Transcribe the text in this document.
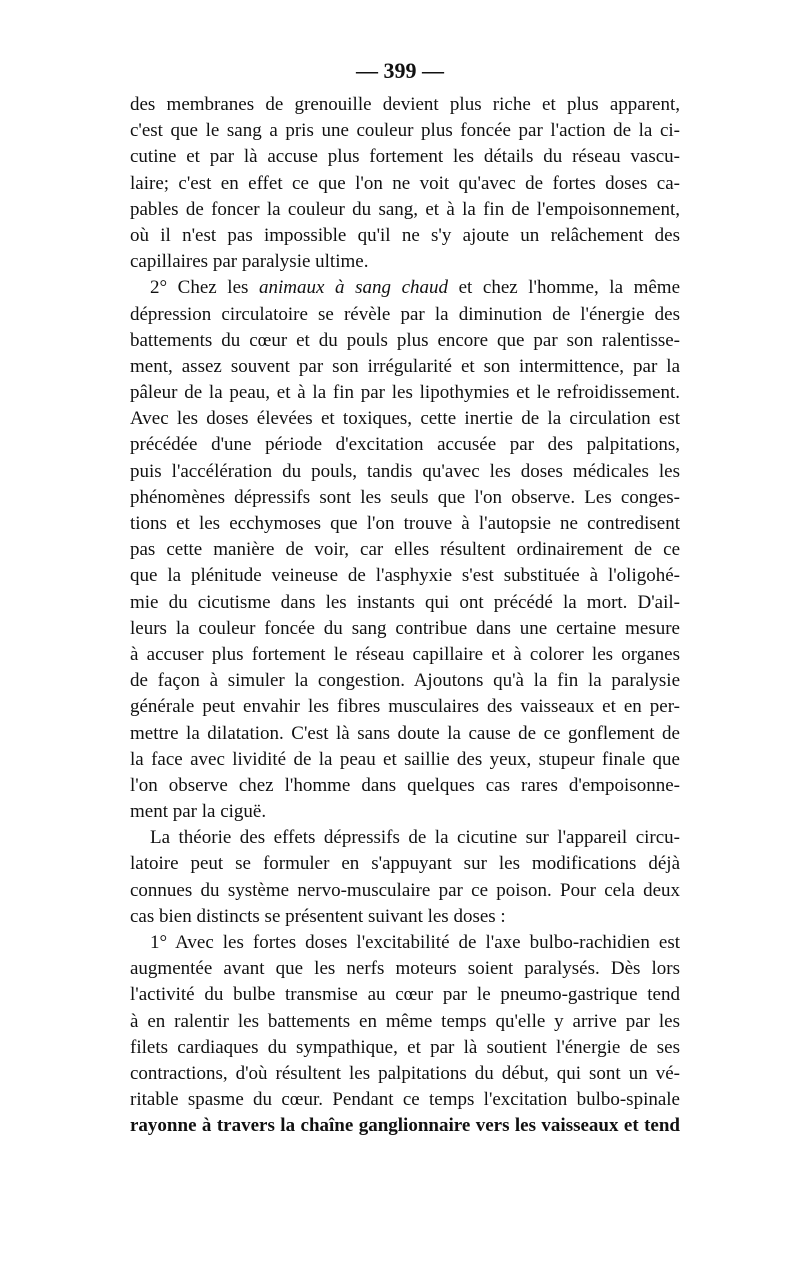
— 399 —
des membranes de grenouille devient plus riche et plus apparent,
c'est que le sang a pris une couleur plus foncée par l'action de la ci-
cutine et par là accuse plus fortement les détails du réseau vascu-
laire; c'est en effet ce que l'on ne voit qu'avec de fortes doses ca-
pables de foncer la couleur du sang, et à la fin de l'empoisonnement,
où il n'est pas impossible qu'il ne s'y ajoute un relâchement des
capillaires par paralysie ultime.
2° Chez les animaux à sang chaud et chez l'homme, la même
dépression circulatoire se révèle par la diminution de l'énergie des
battements du cœur et du pouls plus encore que par son ralentisse-
ment, assez souvent par son irrégularité et son intermittence, par la
pâleur de la peau, et à la fin par les lipothymies et le refroidissement.
Avec les doses élevées et toxiques, cette inertie de la circulation est
précédée d'une période d'excitation accusée par des palpitations,
puis l'accélération du pouls, tandis qu'avec les doses médicales les
phénomènes dépressifs sont les seuls que l'on observe. Les conges-
tions et les ecchymoses que l'on trouve à l'autopsie ne contredisent
pas cette manière de voir, car elles résultent ordinairement de ce
que la plénitude veineuse de l'asphyxie s'est substituée à l'oligohé-
mie du cicutisme dans les instants qui ont précédé la mort. D'ail-
leurs la couleur foncée du sang contribue dans une certaine mesure
à accuser plus fortement le réseau capillaire et à colorer les organes
de façon à simuler la congestion. Ajoutons qu'à la fin la paralysie
générale peut envahir les fibres musculaires des vaisseaux et en per-
mettre la dilatation. C'est là sans doute la cause de ce gonflement de
la face avec lividité de la peau et saillie des yeux, stupeur finale que
l'on observe chez l'homme dans quelques cas rares d'empoisonne-
ment par la ciguë.
La théorie des effets dépressifs de la cicutine sur l'appareil circu-
latoire peut se formuler en s'appuyant sur les modifications déjà
connues du système nervo-musculaire par ce poison. Pour cela deux
cas bien distincts se présentent suivant les doses :
1° Avec les fortes doses l'excitabilité de l'axe bulbo-rachidien est
augmentée avant que les nerfs moteurs soient paralysés. Dès lors
l'activité du bulbe transmise au cœur par le pneumo-gastrique tend
à en ralentir les battements en même temps qu'elle y arrive par les
filets cardiaques du sympathique, et par là soutient l'énergie de ses
contractions, d'où résultent les palpitations du début, qui sont un vé-
ritable spasme du cœur. Pendant ce temps l'excitation bulbo-spinale
rayonne à travers la chaîne ganglionnaire vers les vaisseaux et tend
